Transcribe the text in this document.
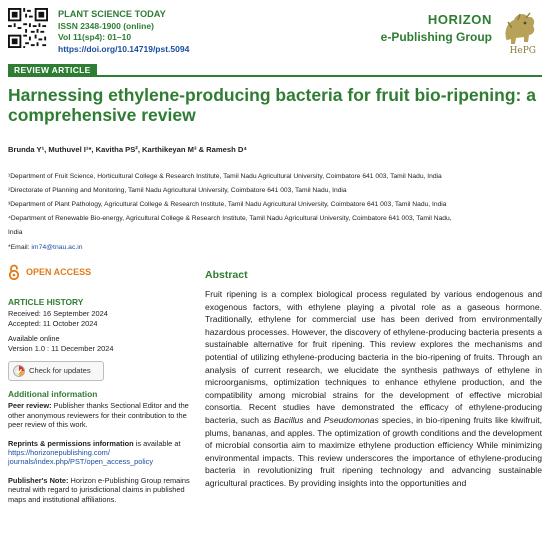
PLANT SCIENCE TODAY
ISSN 2348-1900 (online)
Vol 11(sp4): 01–10
https://doi.org/10.14719/pst.5094
HORIZON
e-Publishing Group
HePG
REVIEW ARTICLE
Harnessing ethylene-producing bacteria for fruit bio-ripening: a comprehensive review
Brunda Y¹, Muthuvel I¹*, Kavitha PS², Karthikeyan M³ & Ramesh D⁴
¹Department of Fruit Science, Horticultural College & Research Institute, Tamil Nadu Agricultural University, Coimbatore 641 003, Tamil Nadu, India
²Directorate of Planning and Monitoring, Tamil Nadu Agricultural University, Coimbatore 641 003, Tamil Nadu, India
³Department of Plant Pathology, Agricultural College & Research Institute, Tamil Nadu Agricultural University, Coimbatore 641 003, Tamil Nadu, India
⁴Department of Renewable Bio-energy, Agricultural College & Research Institute, Tamil Nadu Agricultural University, Coimbatore 641 003, Tamil Nadu,
India
*Email: im74@tnau.ac.in
OPEN ACCESS
ARTICLE HISTORY
Received: 16 September 2024
Accepted: 11 October 2024
Available online
Version 1.0 : 11 December 2024
Check for updates
Additional information
Peer review: Publisher thanks Sectional Editor and the other anonymous reviewers for their contribution to the peer review of this work.
Reprints & permissions information is available at https://horizonepublishing.com/
journals/index.php/PST/open_access_policy
Publisher's Note: Horizon e-Publishing Group remains neutral with regard to jurisdictional claims in published maps and institutional affiliations.
Abstract

Fruit ripening is a complex biological process regulated by various endogenous and exogenous factors, with ethylene playing a pivotal role as a gaseous hormone. Traditionally, ethylene for commercial use has been derived from environmentally hazardous processes. However, the discovery of ethylene-producing bacteria presents a sustainable alternative for fruit ripening. This review explores the mechanisms and potential of utilizing ethylene-producing bacteria in the bio-ripening of fruits. Through an analysis of current research, we elucidate the synthesis pathways of ethylene in microorganisms, optimization techniques to enhance ethylene production, and the compatibility among microbial strains for the development of effective microbial consortia. Recent studies have demonstrated the efficacy of ethylene-producing bacteria, such as Bacillus and Pseudomonas species, in bio-ripening fruits like kiwifruit, plums, bananas, and apples. The optimization of growth conditions and the development of microbial consortia aim to maximize ethylene production efficiency While minimizing environmental impacts. This review underscores the importance of ethylene-producing bacteria in revolutionizing fruit ripening technology and advancing sustainable agricultural practices. By providing insights into the opportunities and
